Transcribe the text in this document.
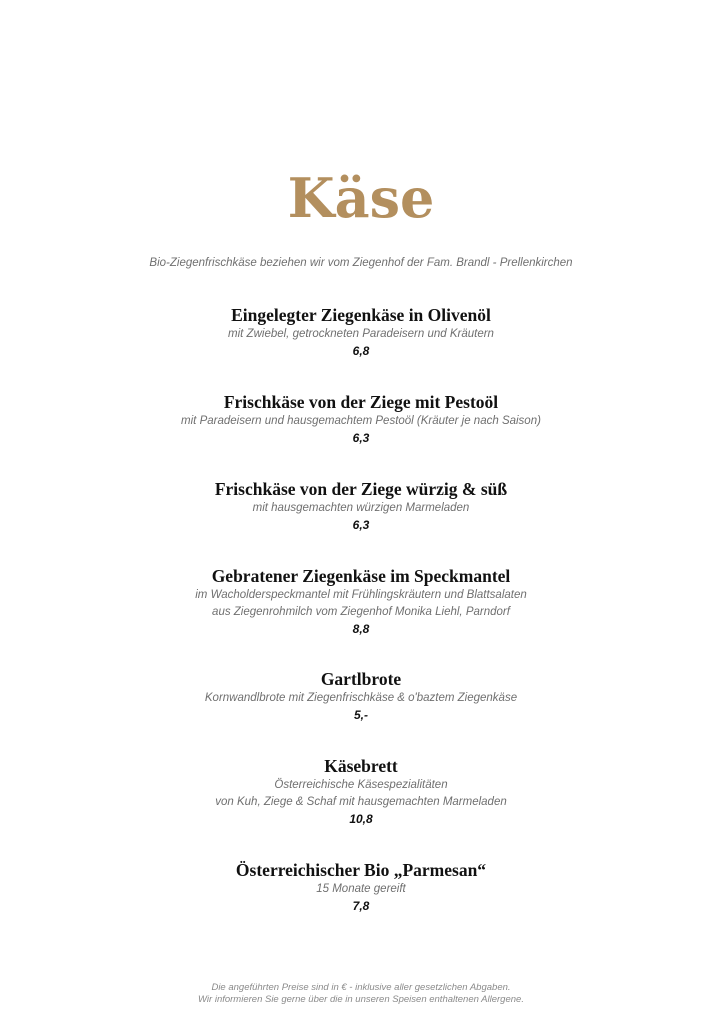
Käse
Bio-Ziegenfrischkäse beziehen wir vom Ziegenhof der Fam. Brandl - Prellenkirchen
Eingelegter Ziegenkäse in Olivenöl
mit Zwiebel, getrockneten Paradeisern und Kräutern
6,8
Frischkäse von der Ziege mit Pestoöl
mit Paradeisern und hausgemachtem Pestoöl (Kräuter je nach Saison)
6,3
Frischkäse von der Ziege würzig & süß
mit hausgemachten würzigen Marmeladen
6,3
Gebratener Ziegenkäse im Speckmantel
im Wacholderspeckmantel mit Frühlingskräutern und Blattsalaten
aus Ziegenrohmilch vom Ziegenhof Monika Liehl, Parndorf
8,8
Gartlbrote
Kornwandlbrote mit Ziegenfrischkäse & o'baztem Ziegenkäse
5,-
Käsebrett
Österreichische Käsespezialitäten
von Kuh, Ziege & Schaf mit hausgemachten Marmeladen
10,8
Österreichischer Bio „Parmesan“
15 Monate gereift
7,8
Die angeführten Preise sind in € - inklusive aller gesetzlichen Abgaben.
Wir informieren Sie gerne über die in unseren Speisen enthaltenen Allergene.
